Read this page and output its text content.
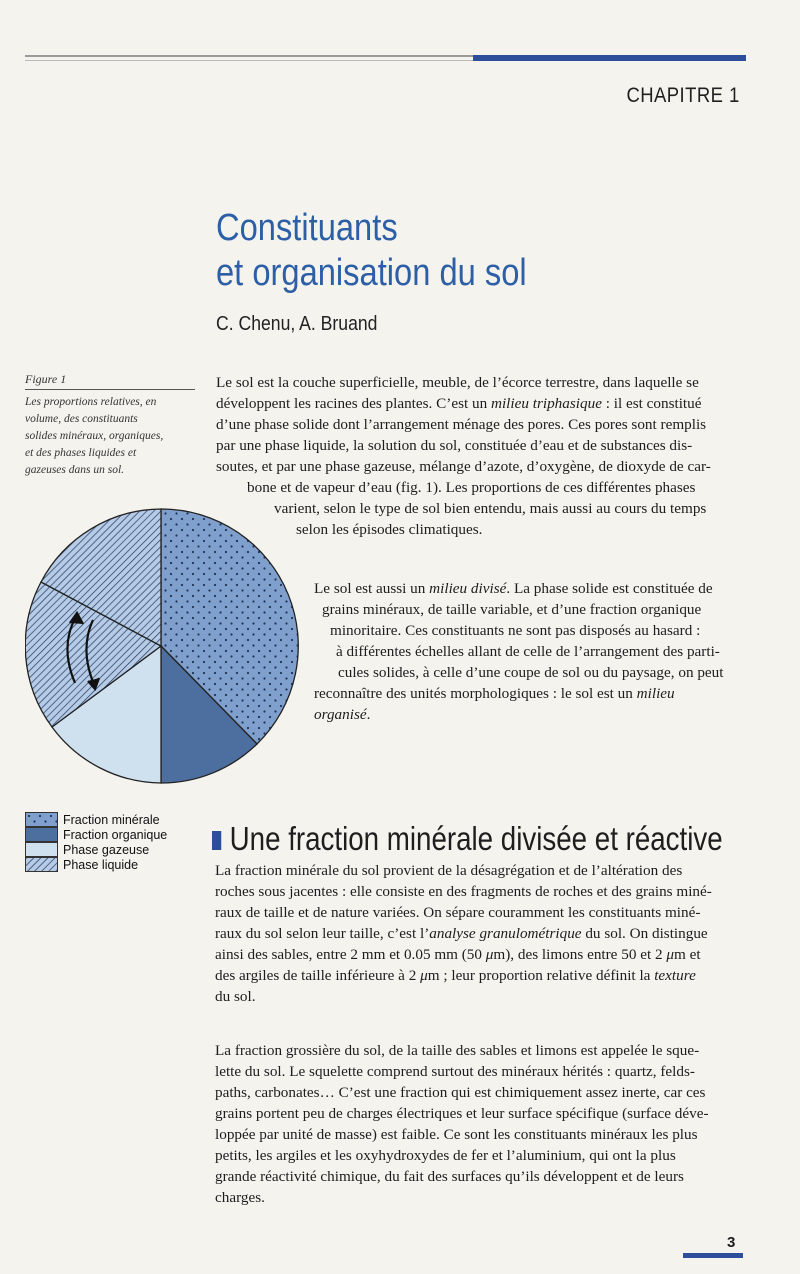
CHAPITRE 1
Constituants
et organisation du sol
C. Chenu, A. Bruand
Figure 1
Les proportions relatives, en
volume, des constituants
solides minéraux, organiques,
et des phases liquides et
gazeuses dans un sol.
Le sol est la couche superficielle, meuble, de l’écorce terrestre, dans laquelle se
développent les racines des plantes. C’est un milieu triphasique : il est constitué
d’une phase solide dont l’arrangement ménage des pores. Ces pores sont remplis
par une phase liquide, la solution du sol, constituée d’eau et de substances dis-
soutes, et par une phase gazeuse, mélange d’azote, d’oxygène, de dioxyde de car-
bone et de vapeur d’eau (fig. 1). Les proportions de ces différentes phases
varient, selon le type de sol bien entendu, mais aussi au cours du temps
selon les épisodes climatiques.
Le sol est aussi un milieu divisé. La phase solide est constituée de
grains minéraux, de taille variable, et d’une fraction organique
minoritaire. Ces constituants ne sont pas disposés au hasard :
à différentes échelles allant de celle de l’arrangement des parti-
cules solides, à celle d’une coupe de sol ou du paysage, on peut
reconnaître des unités morphologiques : le sol est un milieu
organisé.
Fraction minérale
Fraction organique
Phase gazeuse
Phase liquide
Une fraction minérale divisée et réactive
La fraction minérale du sol provient de la désagrégation et de l’altération des
roches sous jacentes : elle consiste en des fragments de roches et des grains miné-
raux de taille et de nature variées. On sépare couramment les constituants miné-
raux du sol selon leur taille, c’est l’analyse granulométrique du sol. On distingue
ainsi des sables, entre 2 mm et 0.05 mm (50 μm), des limons entre 50 et 2 μm et
des argiles de taille inférieure à 2 μm ; leur proportion relative définit la texture
du sol.
La fraction grossière du sol, de la taille des sables et limons est appelée le sque-
lette du sol. Le squelette comprend surtout des minéraux hérités : quartz, felds-
paths, carbonates… C’est une fraction qui est chimiquement assez inerte, car ces
grains portent peu de charges électriques et leur surface spécifique (surface déve-
loppée par unité de masse) est faible. Ce sont les constituants minéraux les plus
petits, les argiles et les oxyhydroxydes de fer et l’aluminium, qui ont la plus
grande réactivité chimique, du fait des surfaces qu’ils développent et de leurs
charges.
3
